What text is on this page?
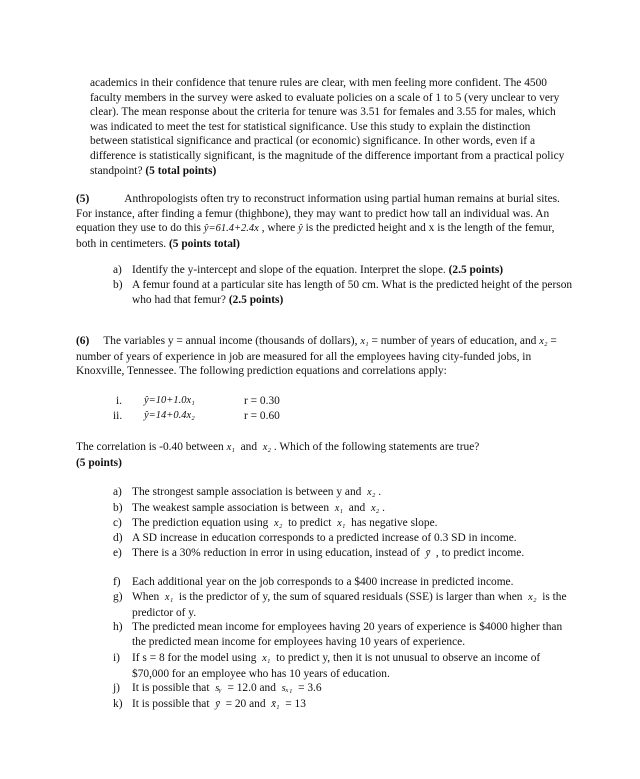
academics in their confidence that tenure rules are clear, with men feeling more confident. The 4500 faculty members in the survey were asked to evaluate policies on a scale of 1 to 5 (very unclear to very clear). The mean response about the criteria for tenure was 3.51 for females and 3.55 for males, which was indicated to meet the test for statistical significance. Use this study to explain the distinction between statistical significance and practical (or economic) significance. In other words, even if a difference is statistically significant, is the magnitude of the difference important from a practical policy standpoint? (5 total points)

(5)	Anthropologists often try to reconstruct information using partial human remains at burial sites. For instance, after finding a femur (thighbone), they may want to predict how tall an individual was. An equation they use to do this ŷ=61.4+2.4x , where ŷ is the predicted height and x is the length of the femur, both in centimeters. (5 points total)

a) Identify the y-intercept and slope of the equation. Interpret the slope. (2.5 points)
b) A femur found at a particular site has length of 50 cm. What is the predicted height of the person who had that femur? (2.5 points)

(6) The variables y = annual income (thousands of dollars), x₁ = number of years of education, and x₂ = number of years of experience in job are measured for all the employees having city-funded jobs, in Knoxville, Tennessee. The following prediction equations and correlations apply:

i. ŷ=10+1.0x₁	r = 0.30
ii. ŷ=14+0.4x₂	r = 0.60

The correlation is -0.40 between x₁ and x₂ . Which of the following statements are true?
(5 points)

a) The strongest sample association is between y and x₂ .
b) The weakest sample association is between x₁ and x₂ .
c) The prediction equation using x₂ to predict x₁ has negative slope.
d) A SD increase in education corresponds to a predicted increase of 0.3 SD in income.
e) There is a 30% reduction in error in using education, instead of ȳ , to predict income.
f)	Each additional year on the job corresponds to a $400 increase in predicted income.
g) When x₁ is the predictor of y, the sum of squared residuals (SSE) is larger than when x₂ is the predictor of y.
h) The predicted mean income for employees having 20 years of experience is $4000 higher than the predicted mean income for employees having 10 years of experience.
i)	If s = 8 for the model using x₁ to predict y, then it is not unusual to observe an income of $70,000 for an employee who has 10 years of education.
j)	It is possible that sᵧ = 12.0 and sₓ₁ = 3.6
k) It is possible that ȳ = 20 and x̄₁ = 13
